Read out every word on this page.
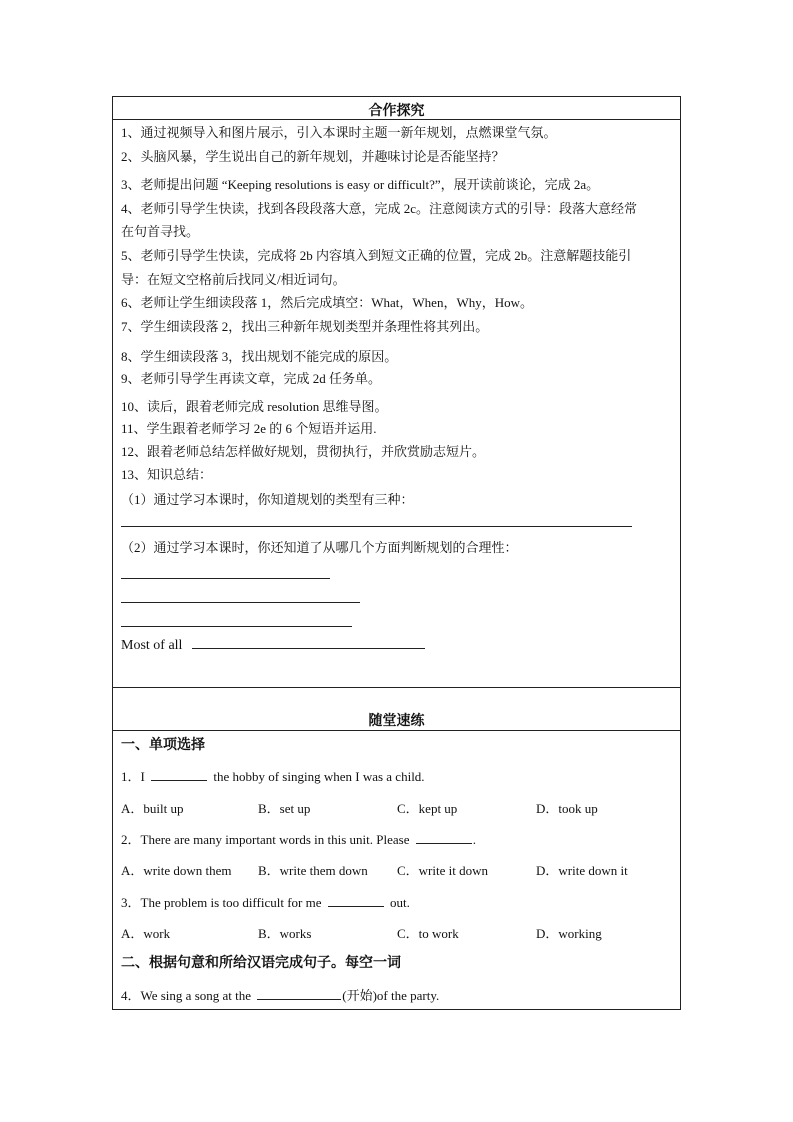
合作探究
1、通过视频导入和图片展示，引入本课时主题一新年规划，点燃课堂气氛。
2、头脑风暴，学生说出自己的新年规划，并趣味讨论是否能坚持？
3、老师提出问题 “Keeping resolutions is easy or difficult?”，展开读前谈论，完成 2a。
4、老师引导学生快读，找到各段段落大意，完成 2c。注意阅读方式的引导：段落大意经常
在句首寻找。
5、老师引导学生快读，完成将 2b 内容填入到短文正确的位置，完成 2b。注意解题技能引
导：在短文空格前后找同义/相近词句。
6、老师让学生细读段落 1，然后完成填空：What，When，Why，How。
7、学生细读段落 2，找出三种新年规划类型并条理性将其列出。
8、学生细读段落 3，找出规划不能完成的原因。
9、老师引导学生再读文章，完成 2d 任务单。
10、读后，跟着老师完成 resolution 思维导图。
11、学生跟着老师学习 2e 的 6 个短语并运用.
12、跟着老师总结怎样做好规划，贯彻执行，并欣赏励志短片。
13、知识总结：
（1）通过学习本课时，你知道规划的类型有三种：
（2）通过学习本课时，你还知道了从哪几个方面判断规划的合理性：
Most of all
随堂速练
一、单项选择
1．I	the hobby of singing when I was a child.
A．built up	B．set up	C．kept up	D．took up
2．There are many important words in this unit. Please	.
A．write down them B．write them down C．write it down	D．write down it
3．The problem is too difficult for me	out.
A．work	B．works	C．to work	D．working
二、根据句意和所给汉语完成句子。每空一词
4．We sing a song at the	(开始)of the party.
